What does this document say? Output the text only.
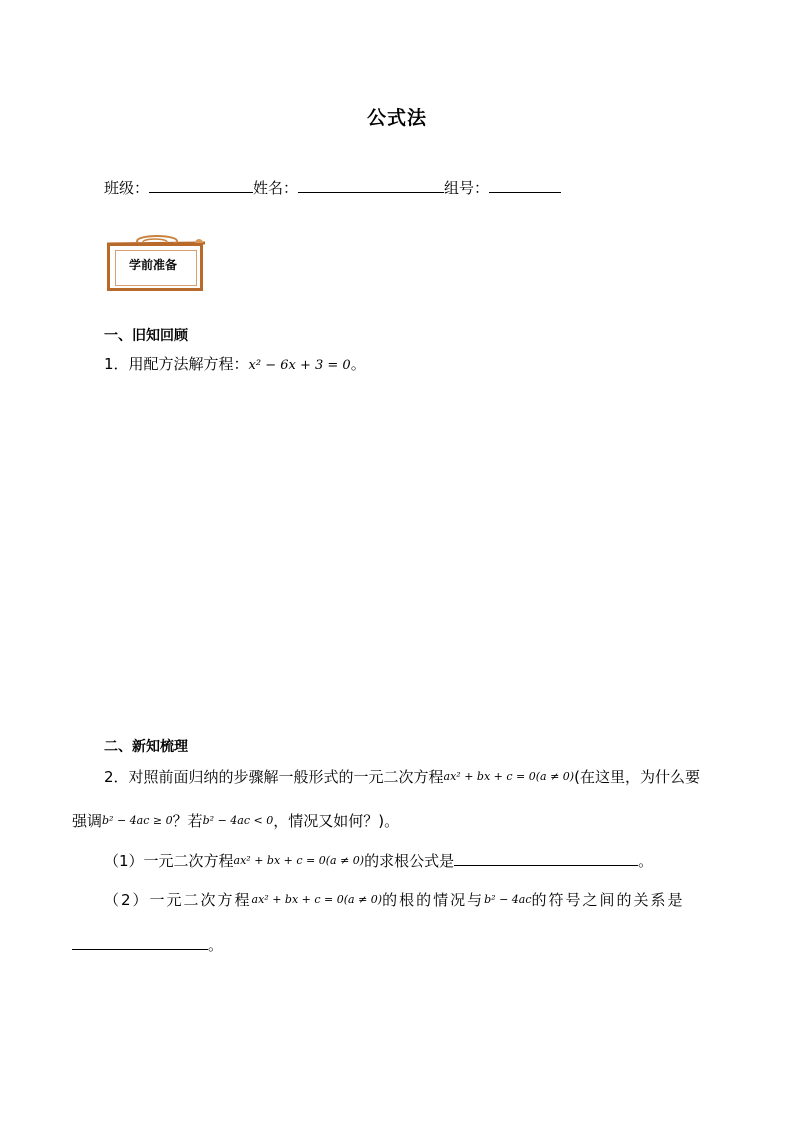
公式法
班级：	姓名：	组号：
学前准备
一、旧知回顾
1．用配方法解方程：x² − 6x + 3 = 0。
二、新知梳理
2．对照前面归纳的步骤解一般形式的一元二次方程ax² + bx + c = 0(a ≠ 0)(在这里，为什么要
强调b² − 4ac ≥ 0？若b² − 4ac < 0，情况又如何？)。
（1）一元二次方程ax² + bx + c = 0(a ≠ 0)的求根公式是	。
（2）一元二次方程ax² + bx + c = 0(a ≠ 0)的根的情况与b² − 4ac的符号之间的关系是
。
